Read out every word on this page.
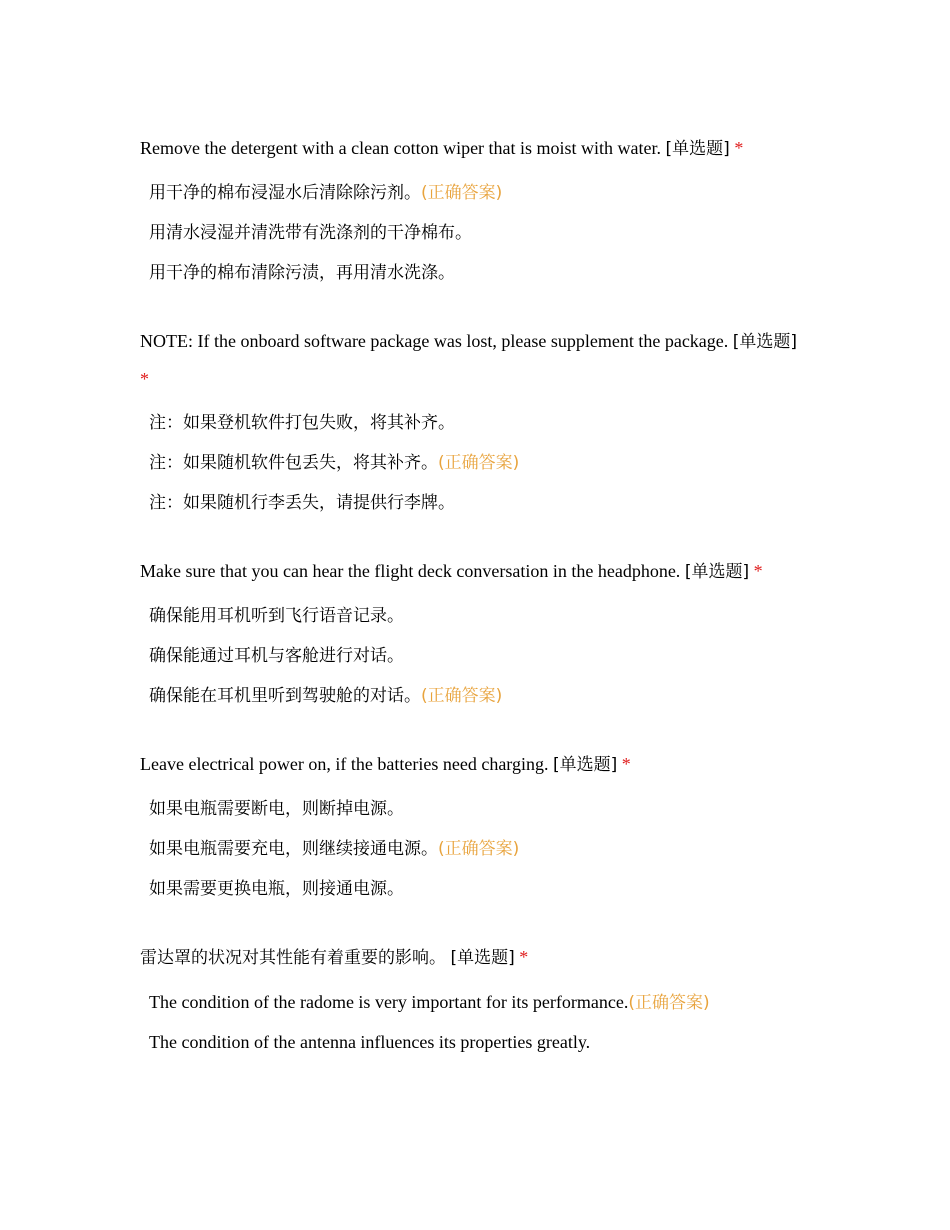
Remove the detergent with a clean cotton wiper that is moist with water. [单选题] *
用干净的棉布浸湿水后清除除污剂。(正确答案)
用清水浸湿并清洗带有洗涤剂的干净棉布。
用干净的棉布清除污渍，再用清水洗涤。
NOTE: If the onboard software package was lost, please supplement the package. [单选题] *
注：如果登机软件打包失败，将其补齐。
注：如果随机软件包丢失，将其补齐。(正确答案)
注：如果随机行李丢失，请提供行李牌。
Make sure that you can hear the flight deck conversation in the headphone. [单选题] *
确保能用耳机听到飞行语音记录。
确保能通过耳机与客舱进行对话。
确保能在耳机里听到驾驶舱的对话。(正确答案)
Leave electrical power on, if the batteries need charging. [单选题] *
如果电瓶需要断电，则断掉电源。
如果电瓶需要充电，则继续接通电源。(正确答案)
如果需要更换电瓶，则接通电源。
雷达罩的状况对其性能有着重要的影响。 [单选题] *
The condition of the radome is very important for its performance.(正确答案)
The condition of the antenna influences its properties greatly.
